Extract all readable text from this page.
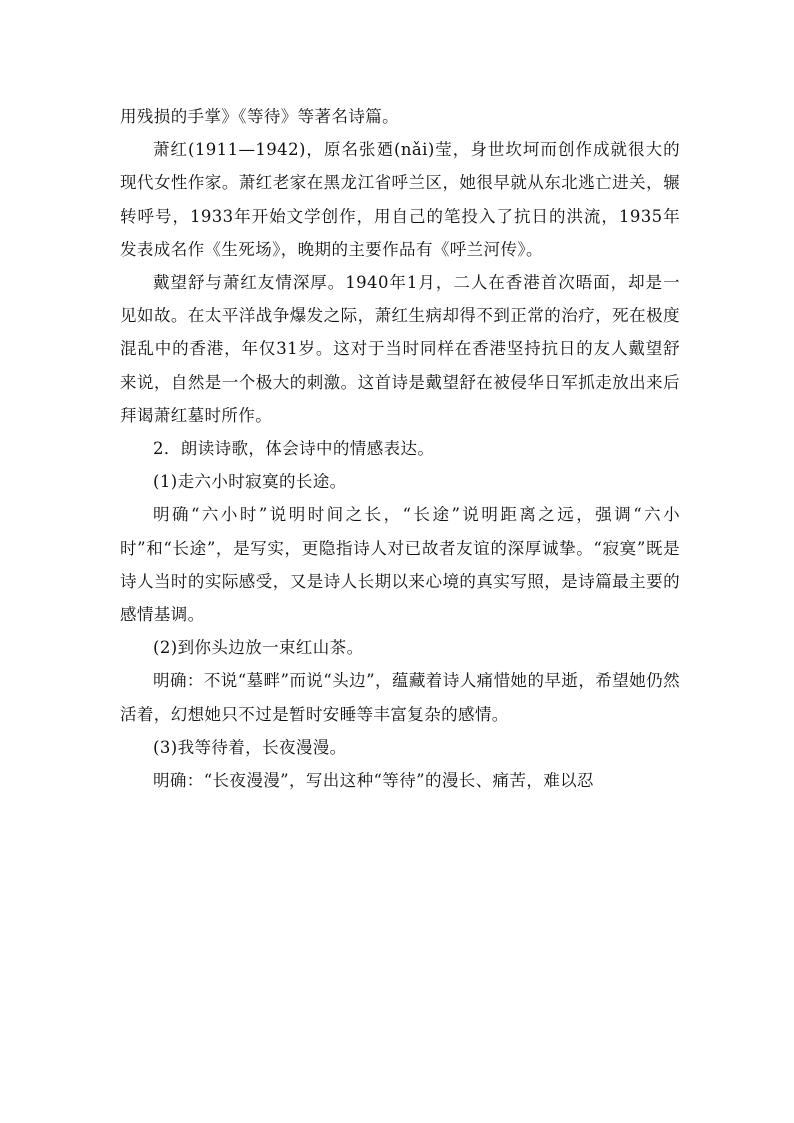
用残损的手掌》《等待》等著名诗篇。

萧红(1911—1942)，原名张廼(nǎi)莹，身世坎坷而创作成就很大的现代女性作家。萧红老家在黑龙江省呼兰区，她很早就从东北逃亡进关，辗转呼号，1933年开始文学创作，用自己的笔投入了抗日的洪流，1935年发表成名作《生死场》，晚期的主要作品有《呼兰河传》。

戴望舒与萧红友情深厚。1940年1月，二人在香港首次晤面，却是一见如故。在太平洋战争爆发之际，萧红生病却得不到正常的治疗，死在极度混乱中的香港，年仅31岁。这对于当时同样在香港坚持抗日的友人戴望舒来说，自然是一个极大的刺激。这首诗是戴望舒在被侵华日军抓走放出来后拜谒萧红墓时所作。

2．朗读诗歌，体会诗中的情感表达。

(1)走六小时寂寞的长途。

明确“六小时”说明时间之长，“长途”说明距离之远，强调“六小时”和“长途”，是写实，更隐指诗人对已故者友谊的深厚诚挚。“寂寞”既是诗人当时的实际感受，又是诗人长期以来心境的真实写照，是诗篇最主要的感情基调。

(2)到你头边放一束红山茶。

明确：不说“墓畔”而说“头边”，蕴藏着诗人痛惜她的早逝，希望她仍然活着，幻想她只不过是暂时安睡等丰富复杂的感情。

(3)我等待着，长夜漫漫。

明确：“长夜漫漫”，写出这种“等待”的漫长、痛苦，难以忍
